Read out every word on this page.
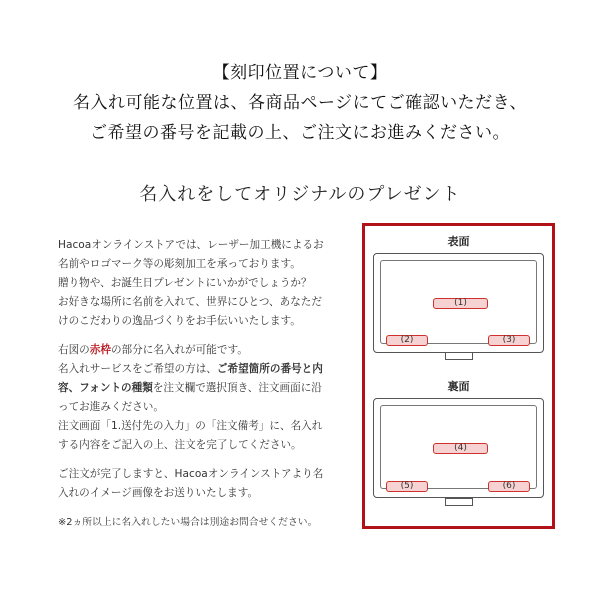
【刻印位置について】
名入れ可能な位置は、各商品ページにてご確認いただき、
ご希望の番号を記載の上、ご注文にお進みください。
名入れをしてオリジナルのプレゼント

Hacoaオンラインストアでは、レーザー加工機によるお
名前やロゴマーク等の彫刻加工を承っております。
贈り物や、お誕生日プレゼントにいかがでしょうか？
お好きな場所に名前を入れて、世界にひとつ、あなただ
けのこだわりの逸品づくりをお手伝いいたします。

右図の赤枠の部分に名入れが可能です。
名入れサービスをご希望の方は、ご希望箇所の番号と内
容、フォントの種類を注文欄で選択頂き、注文画面に沿
ってお進みください。
注文画面「1.送付先の入力」の「注文備考」に、名入れ
する内容をご記入の上、注文を完了してください。

ご注文が完了しますと、Hacoaオンラインストアより名
入れのイメージ画像をお送りいたします。

※2ヵ所以上に名入れしたい場合は別途お問合せください。

表面
(1)
(2)	(3)
裏面
(4)
(5)	(6)
